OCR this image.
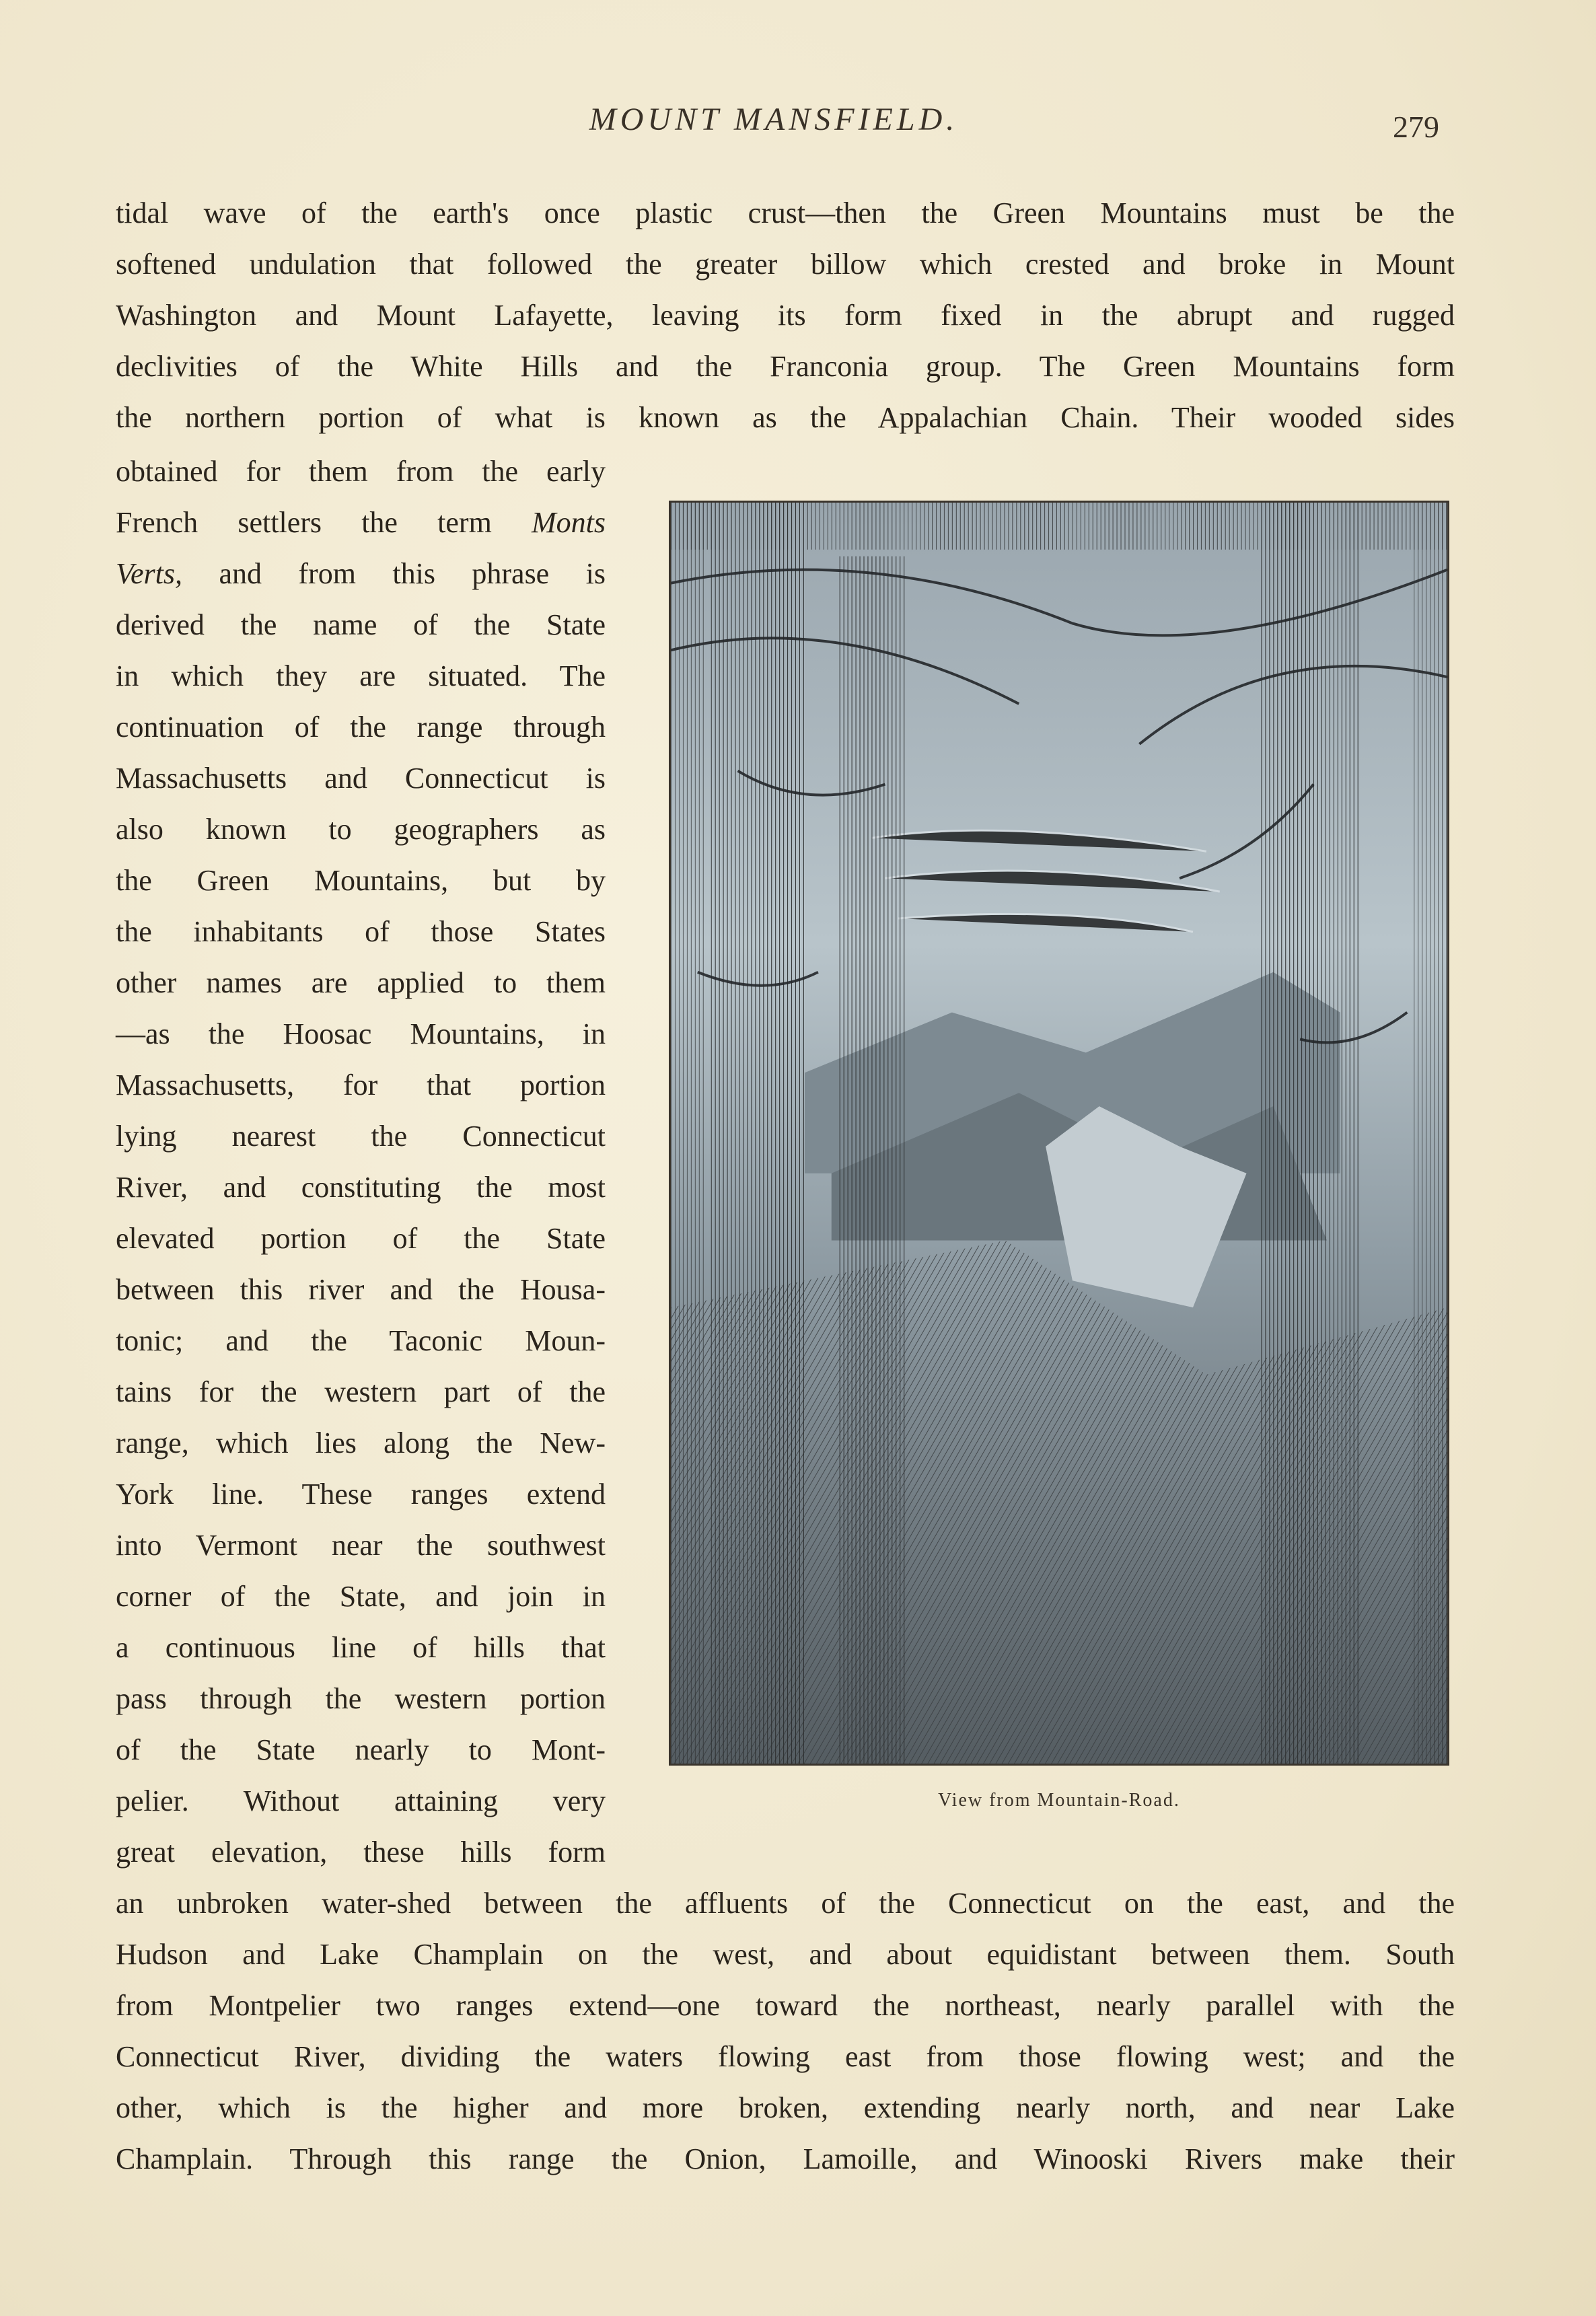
MOUNT MANSFIELD.	279
tidal wave of the earth's once plastic crust—then the Green Mountains must be the
softened undulation that followed the greater billow which crested and broke in Mount
Washington and Mount Lafayette, leaving its form fixed in the abrupt and rugged
declivities of the White Hills and the Franconia group. The Green Mountains form
the northern portion of what is known as the Appalachian Chain. Their wooded sides
obtained for them from the early
French settlers the term Monts
Verts, and from this phrase is
derived the name of the State
in which they are situated. The
continuation of the range through
Massachusetts and Connecticut is
also known to geographers as
the Green Mountains, but by
the inhabitants of those States
other names are applied to them
—as the Hoosac Mountains, in
Massachusetts, for that portion
lying nearest the Connecticut
River, and constituting the most
elevated portion of the State
between this river and the Housa-
tonic; and the Taconic Moun-
tains for the western part of the
range, which lies along the New-
York line. These ranges extend
into Vermont near the southwest
corner of the State, and join in
a continuous line of hills that
pass through the western portion
of the State nearly to Mont-
pelier. Without attaining very
great elevation, these hills form
an unbroken water-shed between the affluents of the Connecticut on the east, and the
Hudson and Lake Champlain on the west, and about equidistant between them. South
from Montpelier two ranges extend—one toward the northeast, nearly parallel with the
Connecticut River, dividing the waters flowing east from those flowing west; and the
other, which is the higher and more broken, extending nearly north, and near Lake
Champlain. Through this range the Onion, Lamoille, and Winooski Rivers make their
View from Mountain-Road.
